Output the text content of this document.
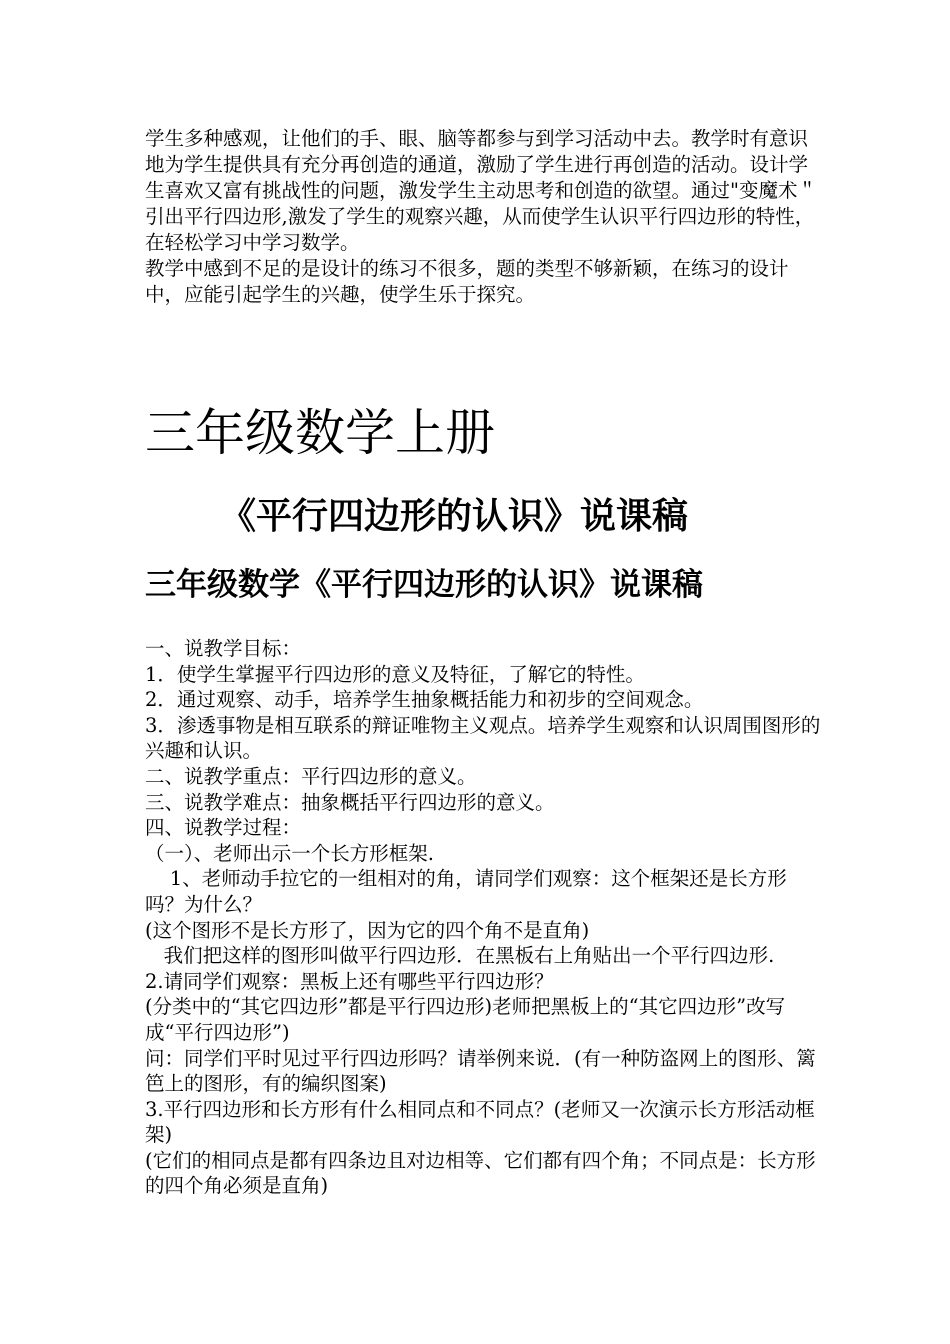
学生多种感观，让他们的手、眼、脑等都参与到学习活动中去。教学时有意识地为学生提供具有充分再创造的通道，激励了学生进行再创造的活动。设计学生喜欢又富有挑战性的问题，激发学生主动思考和创造的欲望。通过"变魔术＂引出平行四边形,激发了学生的观察兴趣，从而使学生认识平行四边形的特性，在轻松学习中学习数学。

教学中感到不足的是设计的练习不很多，题的类型不够新颖，在练习的设计中，应能引起学生的兴趣，使学生乐于探究。

三年级数学上册
《平行四边形的认识》说课稿
三年级数学《平行四边形的认识》说课稿

一、说教学目标：

1．使学生掌握平行四边形的意义及特征，了解它的特性。

2．通过观察、动手，培养学生抽象概括能力和初步的空间观念。

3．渗透事物是相互联系的辩证唯物主义观点。培养学生观察和认识周围图形的兴趣和认识。

二、说教学重点：平行四边形的意义。

三、说教学难点：抽象概括平行四边形的意义。

四、说教学过程：

（一）、老师出示一个长方形框架.

1、老师动手拉它的一组相对的角，请同学们观察：这个框架还是长方形吗？为什么？

(这个图形不是长方形了，因为它的四个角不是直角)

我们把这样的图形叫做平行四边形．在黑板右上角贴出一个平行四边形.

2.请同学们观察：黑板上还有哪些平行四边形？

(分类中的“其它四边形”都是平行四边形)老师把黑板上的“其它四边形”改写成“平行四边形”)

问：同学们平时见过平行四边形吗？请举例来说．(有一种防盗网上的图形、篱笆上的图形，有的编织图案)

3.平行四边形和长方形有什么相同点和不同点？(老师又一次演示长方形活动框架)

(它们的相同点是都有四条边且对边相等、它们都有四个角；不同点是：长方形的四个角必须是直角)
